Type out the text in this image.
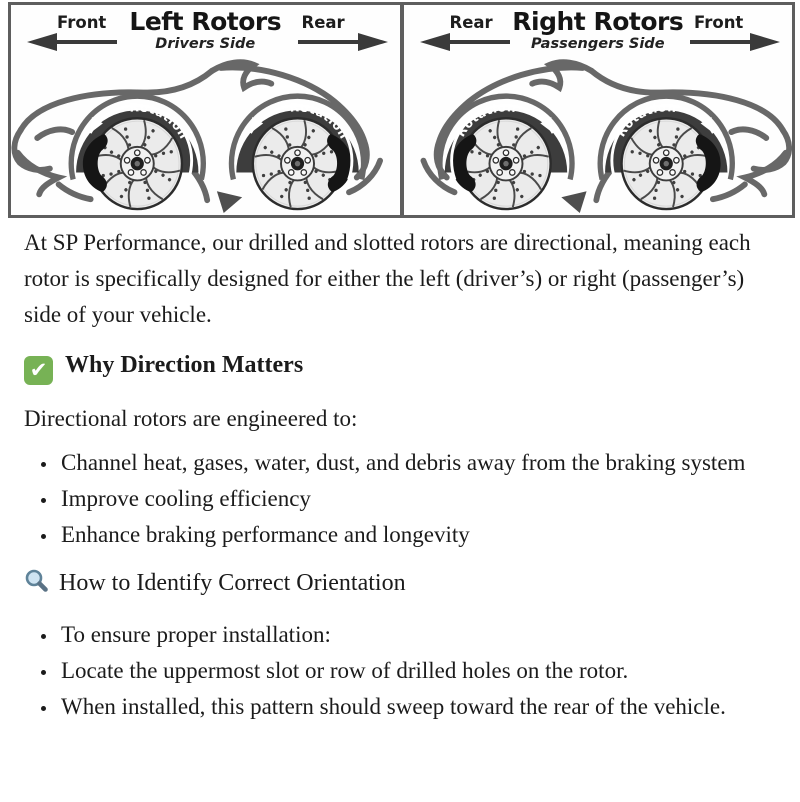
Front Left Rotors
Drivers Side
Rear
Rotation
Rotation
Rear Right Rotors
Passengers Side
Front
Rotation
Rotation

At SP Performance, our drilled and slotted rotors are directional, meaning each rotor is specifically designed for either the left (driver’s) or right (passenger’s) side of your vehicle.

✔Why Direction Matters

Directional rotors are engineered to:

• Channel heat, gases, water, dust, and debris away from the braking system
• Improve cooling efficiency
• Enhance braking performance and longevity
How to Identify Correct Orientation
• To ensure proper installation:
• Locate the uppermost slot or row of drilled holes on the rotor.
• When installed, this pattern should sweep toward the rear of the vehicle.
